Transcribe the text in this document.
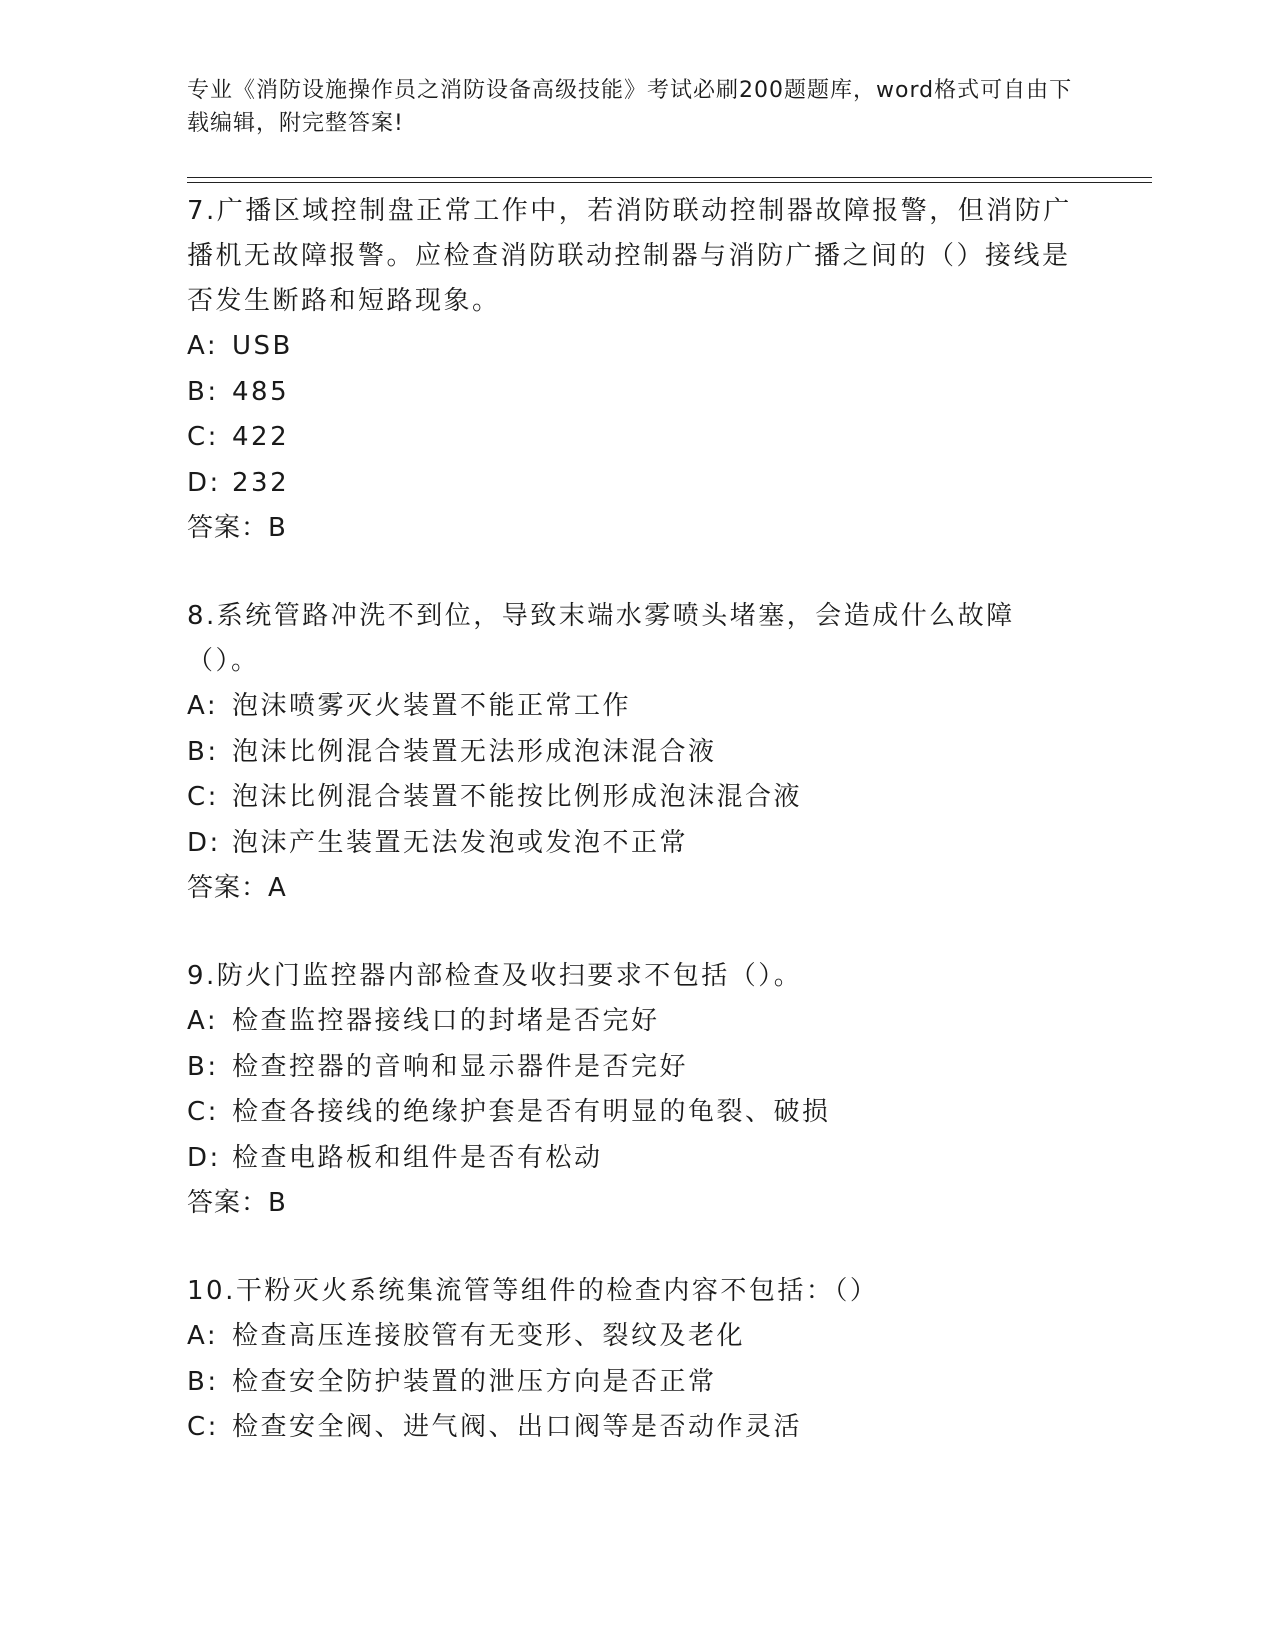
专业《消防设施操作员之消防设备高级技能》考试必刷200题题库，word格式可自由下载编辑，附完整答案!
7.广播区域控制盘正常工作中，若消防联动控制器故障报警，但消防广播机无故障报警。应检查消防联动控制器与消防广播之间的（）接线是否发生断路和短路现象。
A: USB
B: 485
C: 422
D: 232
答案：B
8.系统管路冲洗不到位，导致末端水雾喷头堵塞，会造成什么故障（）。
A: 泡沫喷雾灭火装置不能正常工作
B: 泡沫比例混合装置无法形成泡沫混合液
C: 泡沫比例混合装置不能按比例形成泡沫混合液
D: 泡沫产生装置无法发泡或发泡不正常
答案：A
9.防火门监控器内部检查及收扫要求不包括（）。
A: 检查监控器接线口的封堵是否完好
B: 检查控器的音响和显示器件是否完好
C: 检查各接线的绝缘护套是否有明显的龟裂、破损
D: 检查电路板和组件是否有松动
答案：B
10.干粉灭火系统集流管等组件的检查内容不包括：（）
A: 检查高压连接胶管有无变形、裂纹及老化
B: 检查安全防护装置的泄压方向是否正常
C: 检查安全阀、进气阀、出口阀等是否动作灵活
